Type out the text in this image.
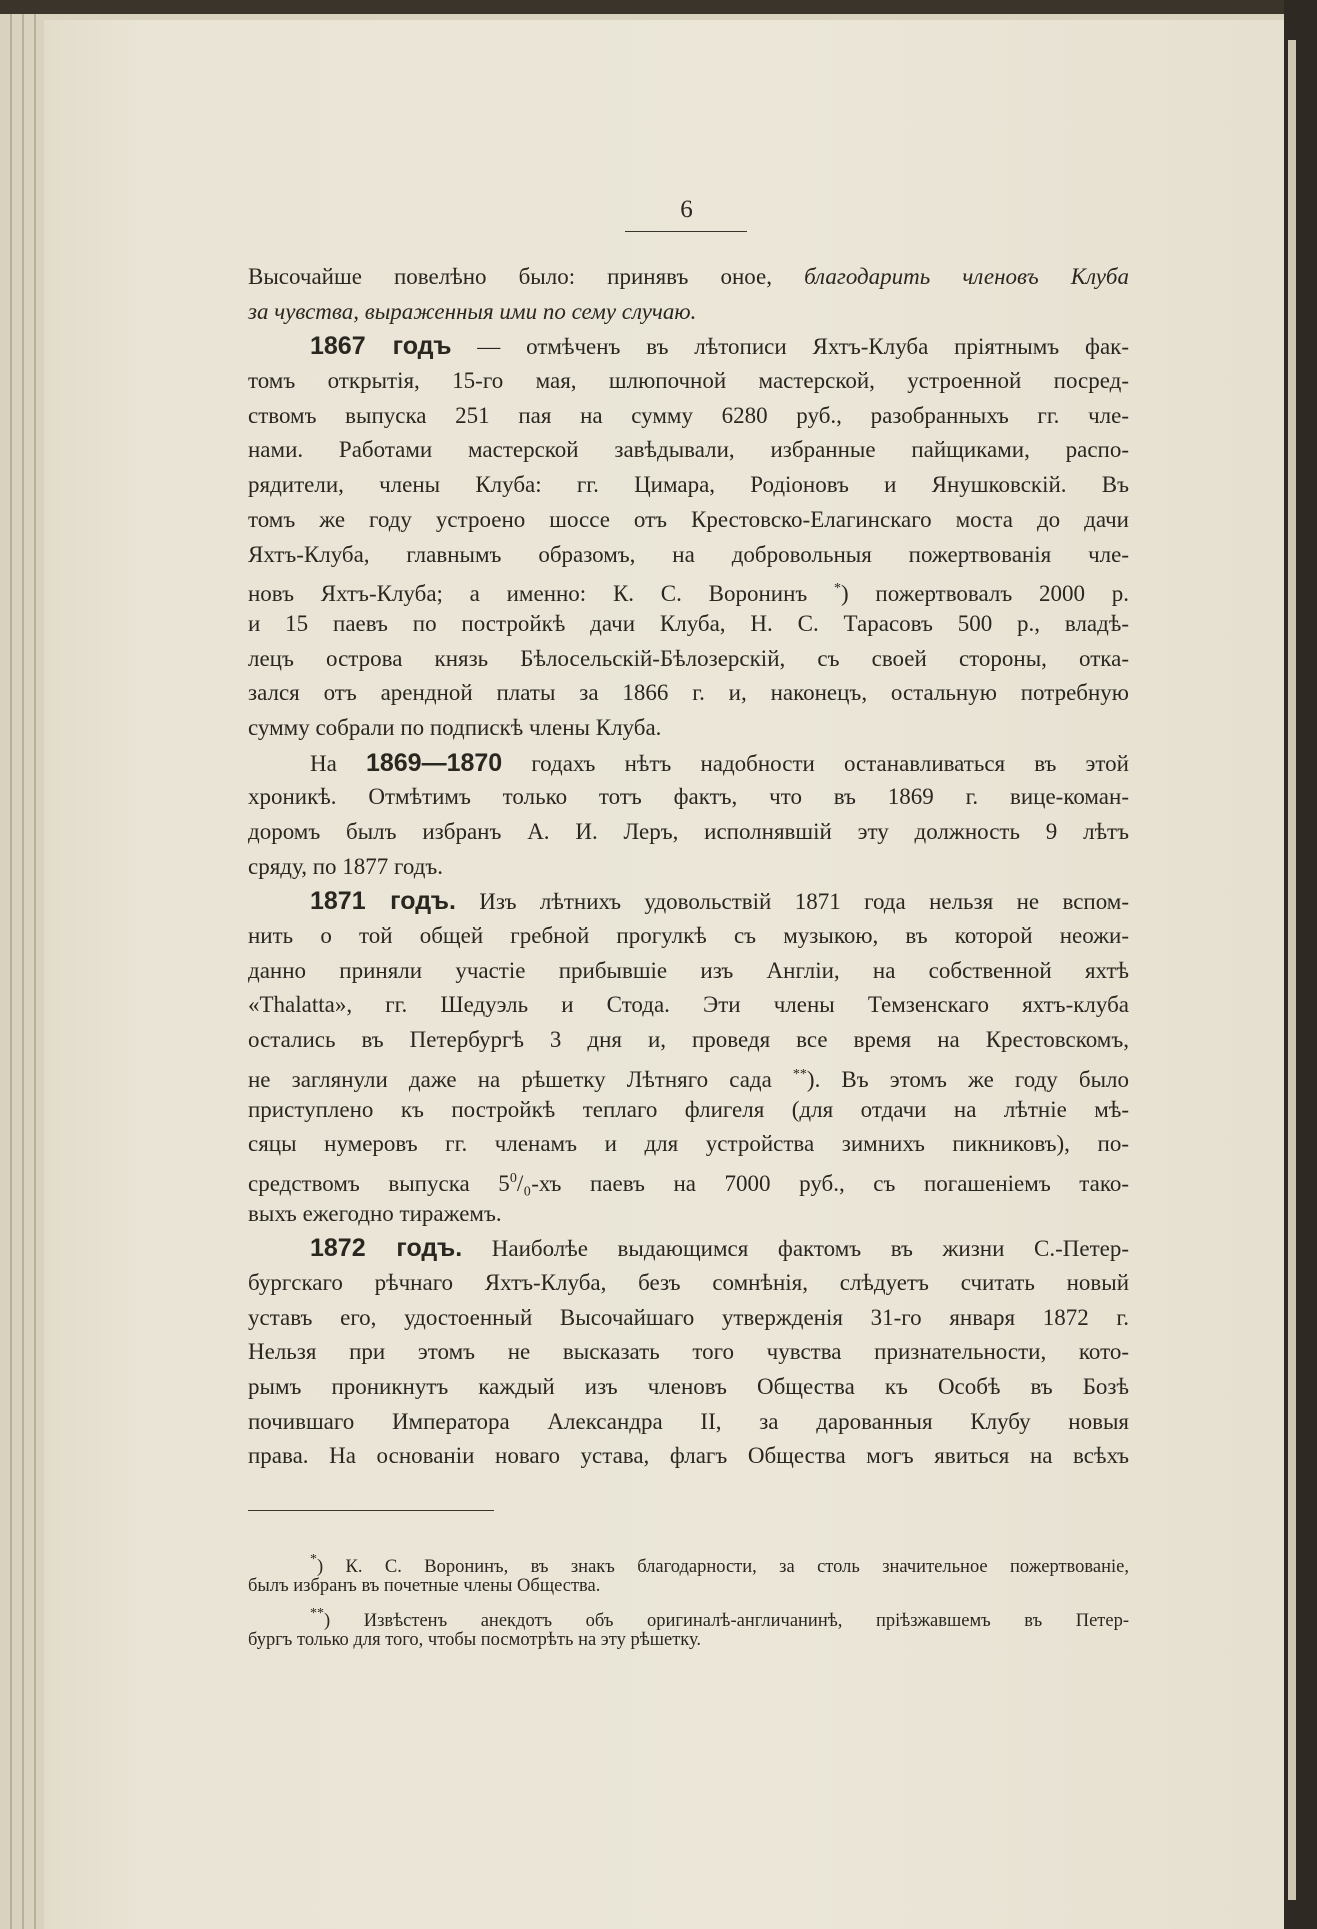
6
Высочайше повелѣно было: принявъ оное, благодарить членовъ Клуба
за чувства, выраженныя ими по сему случаю.
1867 годъ — отмѣченъ въ лѣтописи Яхтъ-Клуба пріятнымъ фак-
томъ открытія, 15-го мая, шлюпочной мастерской, устроенной посред-
ствомъ выпуска 251 пая на сумму 6280 руб., разобранныхъ гг. чле-
нами. Работами мастерской завѣдывали, избранные пайщиками, распо-
рядители, члены Клуба: гг. Цимара, Родіоновъ и Янушковскій. Въ
томъ же году устроено шоссе отъ Крестовско-Елагинскаго моста до дачи
Яхтъ-Клуба, главнымъ образомъ, на добровольныя пожертвованія чле-
новъ Яхтъ-Клуба; а именно: К. С. Воронинъ *) пожертвовалъ 2000 р.
и 15 паевъ по постройкѣ дачи Клуба, Н. С. Тарасовъ 500 р., владѣ-
лецъ острова князь Бѣлосельскій-Бѣлозерскій, съ своей стороны, отка-
зался отъ арендной платы за 1866 г. и, наконецъ, остальную потребную
сумму собрали по подпискѣ члены Клуба.
На 1869—1870 годахъ нѣтъ надобности останавливаться въ этой
хроникѣ. Отмѣтимъ только тотъ фактъ, что въ 1869 г. вице-коман-
доромъ былъ избранъ А. И. Леръ, исполнявшій эту должность 9 лѣтъ
сряду, по 1877 годъ.
1871 годъ. Изъ лѣтнихъ удовольствій 1871 года нельзя не вспом-
нить о той общей гребной прогулкѣ съ музыкою, въ которой неожи-
данно приняли участіе прибывшіе изъ Англіи, на собственной яхтѣ
«Thalatta», гг. Шедуэль и Стода. Эти члены Темзенскаго яхтъ-клуба
остались въ Петербургѣ 3 дня и, проведя все время на Крестовскомъ,
не заглянули даже на рѣшетку Лѣтняго сада **). Въ этомъ же году было
приступлено къ постройкѣ теплаго флигеля (для отдачи на лѣтніе мѣ-
сяцы нумеровъ гг. членамъ и для устройства зимнихъ пикниковъ), по-
средствомъ выпуска $5^0/_0-хъ$ паевъ на 7000 руб., съ погашеніемъ тако-
выхъ ежегодно тиражемъ.
1872 годъ. Наиболѣе выдающимся фактомъ въ жизни С.-Петер-
бургскаго рѣчнаго Яхтъ-Клуба, безъ сомнѣнія, слѣдуетъ считать новый
уставъ его, удостоенный Высочайшаго утвержденія 31-го января 1872 г.
Нельзя при этомъ не высказать того чувства признательности, кото-
рымъ проникнутъ каждый изъ членовъ Общества къ Особѣ въ Бозѣ
почившаго Императора Александра II, за дарованныя Клубу новыя
права. На основаніи новаго устава, флагъ Общества могъ явиться на всѣхъ
*) К. С. Воронинъ, въ знакъ благодарности, за столь значительное пожертвованіе,
былъ избранъ въ почетные члены Общества.
**) Извѣстенъ анекдотъ объ оригиналѣ-англичанинѣ, пріѣзжавшемъ въ Петер-
бургъ только для того, чтобы посмотрѣть на эту рѣшетку.
